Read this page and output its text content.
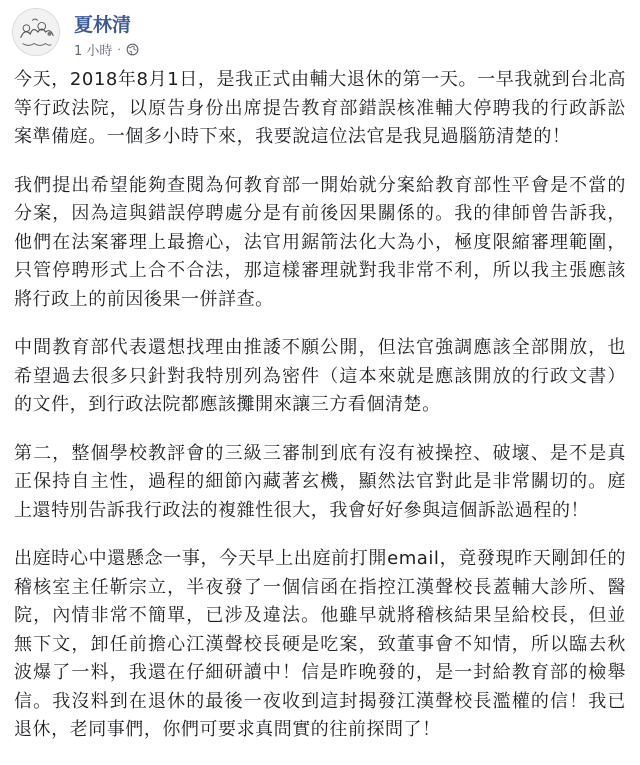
夏林清
1 小時 ·

今天，2018年8月1日，是我正式由輔大退休的第一天。一早我就到台北高等行政法院，以原告身份出席提告教育部錯誤核准輔大停聘我的行政訴訟案準備庭。一個多小時下來，我要說這位法官是我見過腦筋清楚的！

我們提出希望能夠查閱為何教育部一開始就分案給教育部性平會是不當的分案，因為這與錯誤停聘處分是有前後因果關係的。我的律師曾告訴我，他們在法案審理上最擔心，法官用鋸箭法化大為小，極度限縮審理範圍，只管停聘形式上合不合法，那這樣審理就對我非常不利，所以我主張應該將行政上的前因後果一併詳查。

中間教育部代表還想找理由推諉不願公開，但法官強調應該全部開放，也希望過去很多只針對我特別列為密件（這本來就是應該開放的行政文書）的文件，到行政法院都應該攤開來讓三方看個清楚。

第二，整個學校教評會的三級三審制到底有沒有被操控、破壞、是不是真正保持自主性，過程的細節內藏著玄機，顯然法官對此是非常關切的。庭上還特別告訴我行政法的複雜性很大，我會好好參與這個訴訟過程的！

出庭時心中還懸念一事，今天早上出庭前打開email，竟發現昨天剛卸任的稽核室主任靳宗立，半夜發了一個信函在指控江漢聲校長蓋輔大診所、醫院，內情非常不簡單，已涉及違法。他雖早就將稽核結果呈給校長，但並無下文，卸任前擔心江漢聲校長硬是吃案，致董事會不知情，所以臨去秋波爆了一料，我還在仔細研讀中！信是昨晚發的，是一封給教育部的檢舉信。我沒料到在退休的最後一夜收到這封揭發江漢聲校長濫權的信！我已退休，老同事們，你們可要求真問實的往前探問了！
